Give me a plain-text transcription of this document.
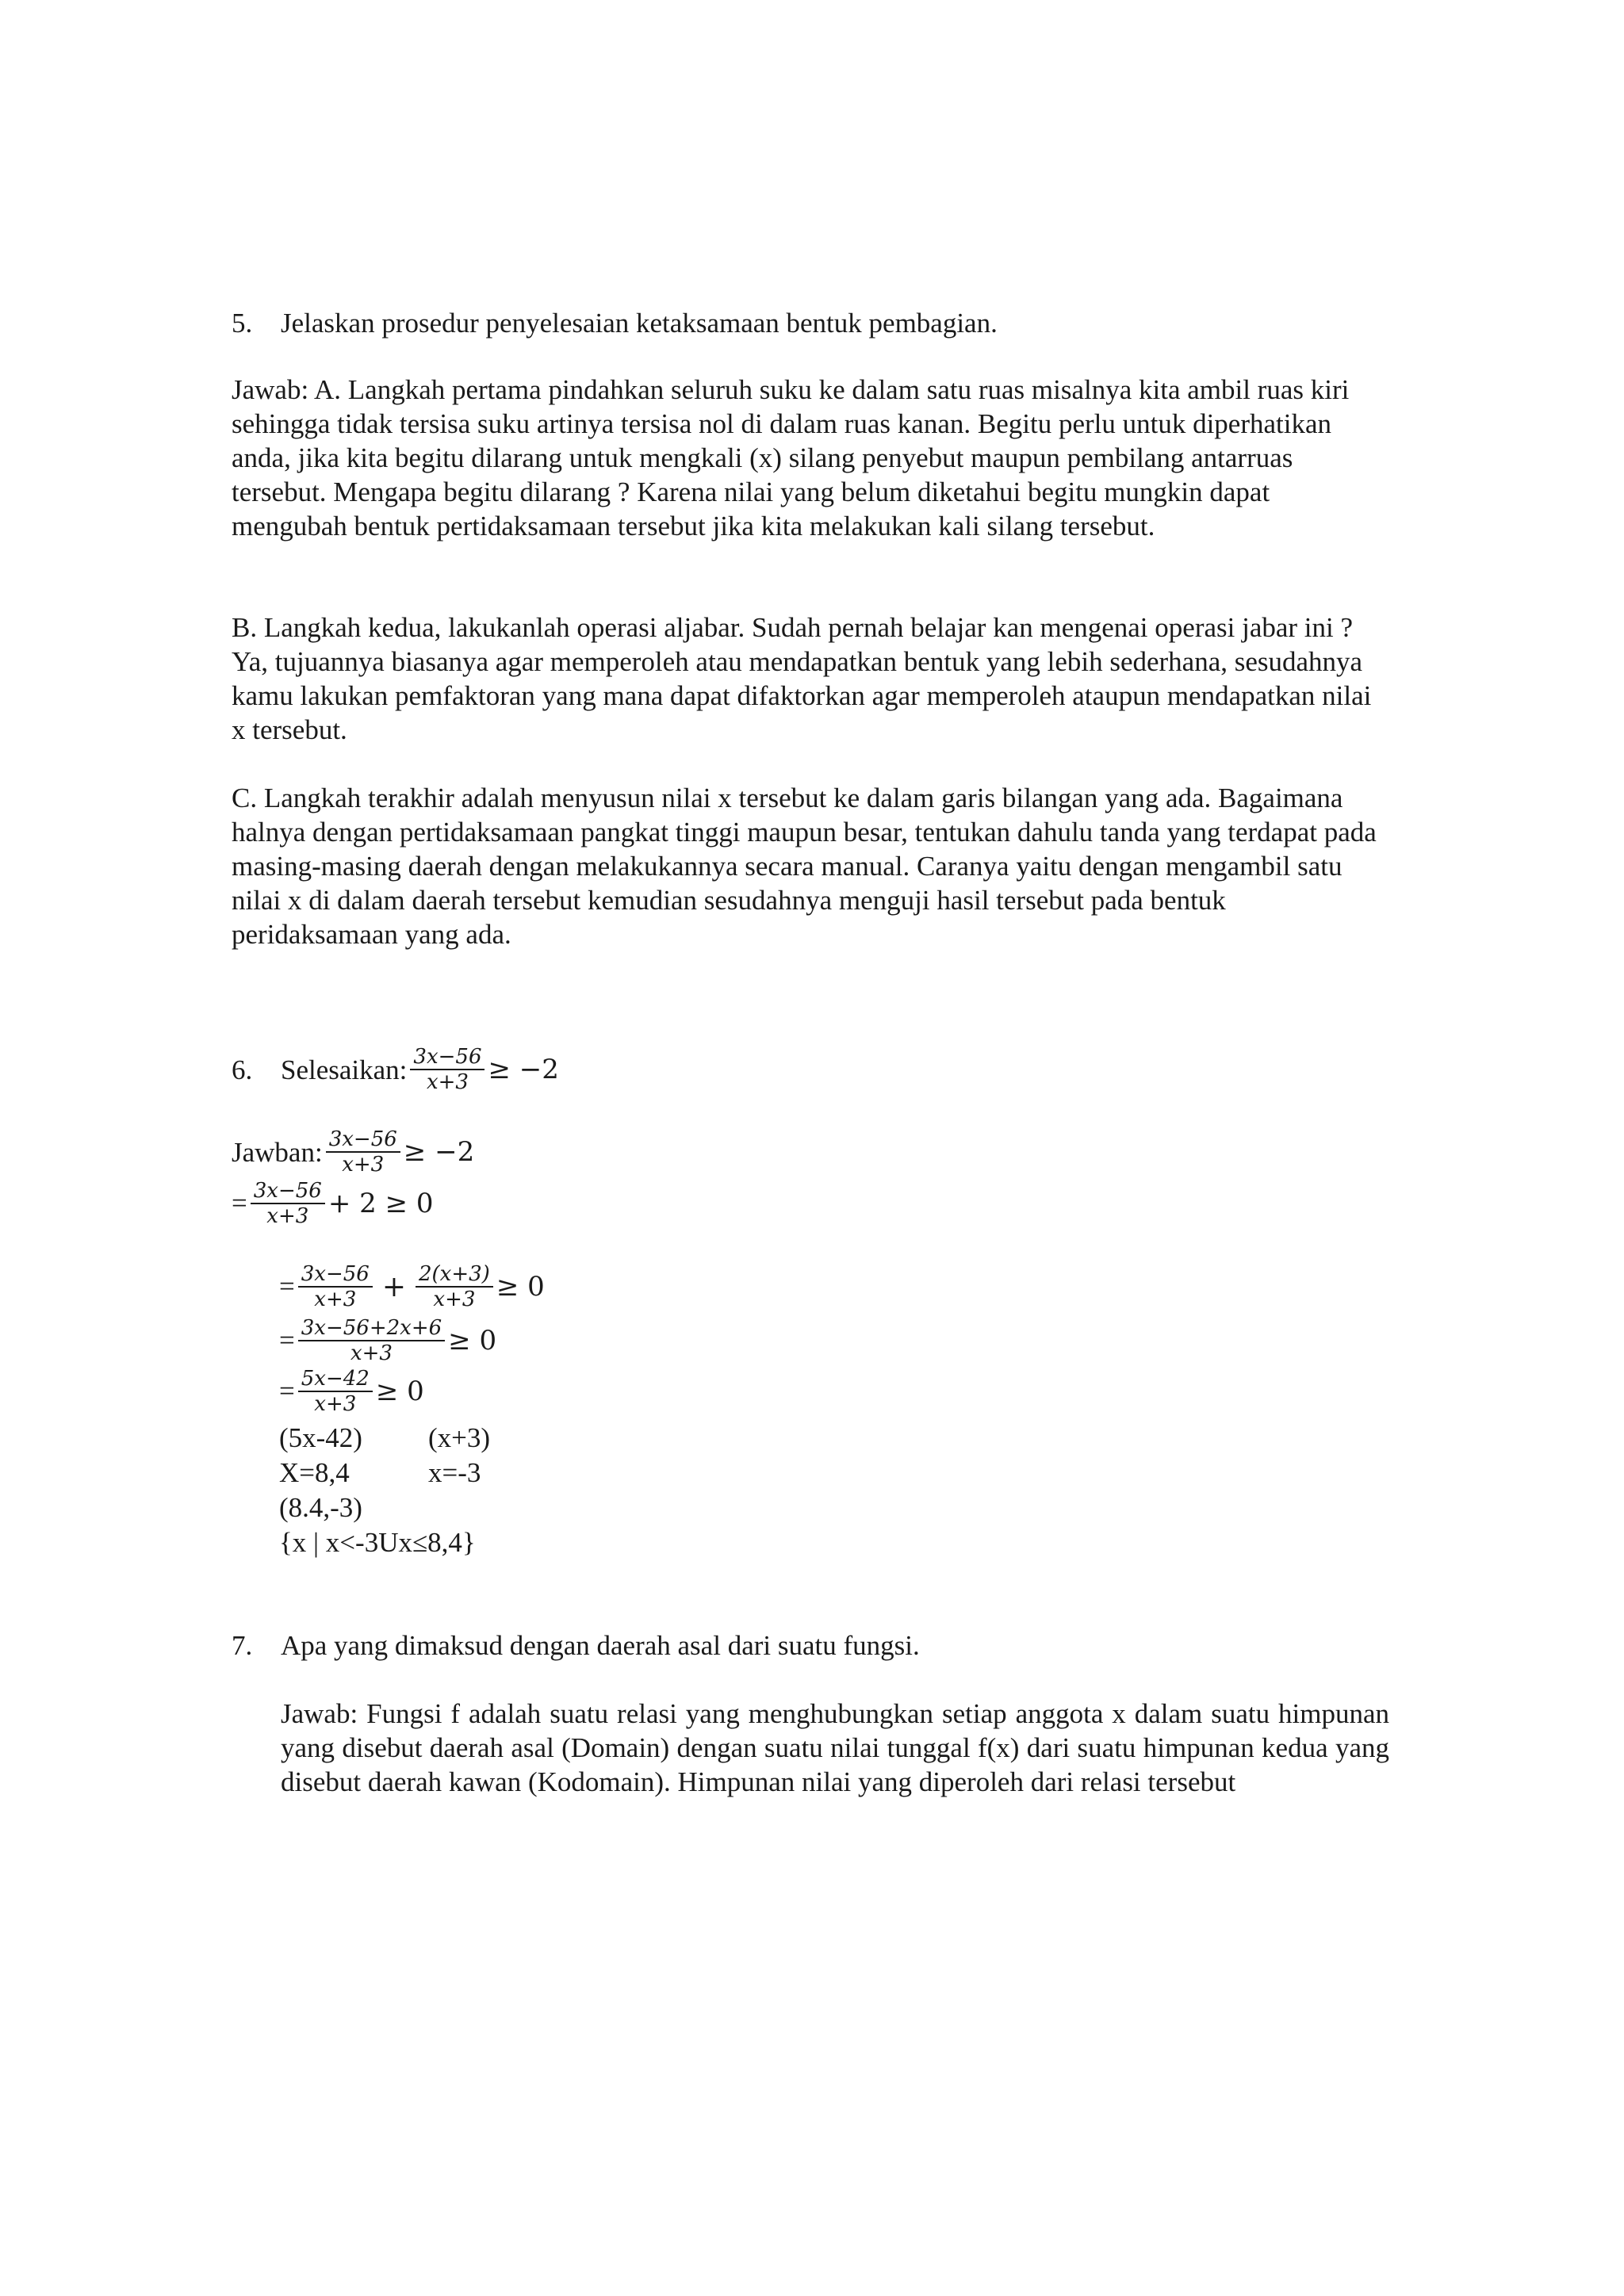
5. Jelaskan prosedur penyelesaian ketaksamaan bentuk pembagian.

Jawab: A. Langkah pertama pindahkan seluruh suku ke dalam satu ruas misalnya kita ambil ruas kiri sehingga tidak tersisa suku artinya tersisa nol di dalam ruas kanan. Begitu perlu untuk diperhatikan anda, jika kita begitu dilarang untuk mengkali (x) silang penyebut maupun pembilang antarruas tersebut. Mengapa begitu dilarang ? Karena nilai yang belum diketahui begitu mungkin dapat mengubah bentuk pertidaksamaan tersebut jika kita melakukan kali silang tersebut.

B. Langkah kedua, lakukanlah operasi aljabar. Sudah pernah belajar kan mengenai operasi jabar ini ? Ya, tujuannya biasanya agar memperoleh atau mendapatkan bentuk yang lebih sederhana, sesudahnya kamu lakukan pemfaktoran yang mana dapat difaktorkan agar memperoleh ataupun mendapatkan nilai x tersebut.

C. Langkah terakhir adalah menyusun nilai x tersebut ke dalam garis bilangan yang ada. Bagaimana halnya dengan pertidaksamaan pangkat tinggi maupun besar, tentukan dahulu tanda yang terdapat pada masing-masing daerah dengan melakukannya secara manual. Caranya yaitu dengan mengambil satu nilai x di dalam daerah tersebut kemudian sesudahnya menguji hasil tersebut pada bentuk peridaksamaan yang ada.

6.	Selesaikan: $\frac{3x-56}{x+3} \ge -2$
Jawban: $\frac{3x-56}{x+3} \ge -2$
= $\frac{3x-56}{x+3} + 2 \ge 0$
= $\frac{3x-56}{x+3} + \frac{2(x+3)}{x+3} \ge 0$
= $\frac{3x-56+2x+6}{x+3} \ge 0$
= $\frac{5x-42}{x+3} \ge 0$
(5x-42) (x+3)
X=8,4	x=-3
(8.4,-3)
{x | x<-3Ux≤8,4}
7. Apa yang dimaksud dengan daerah asal dari suatu fungsi.

Jawab: Fungsi f adalah suatu relasi yang menghubungkan setiap anggota x dalam suatu himpunan yang disebut daerah asal (Domain) dengan suatu nilai tunggal f(x) dari suatu himpunan kedua yang disebut daerah kawan (Kodomain). Himpunan nilai yang diperoleh dari relasi tersebut
